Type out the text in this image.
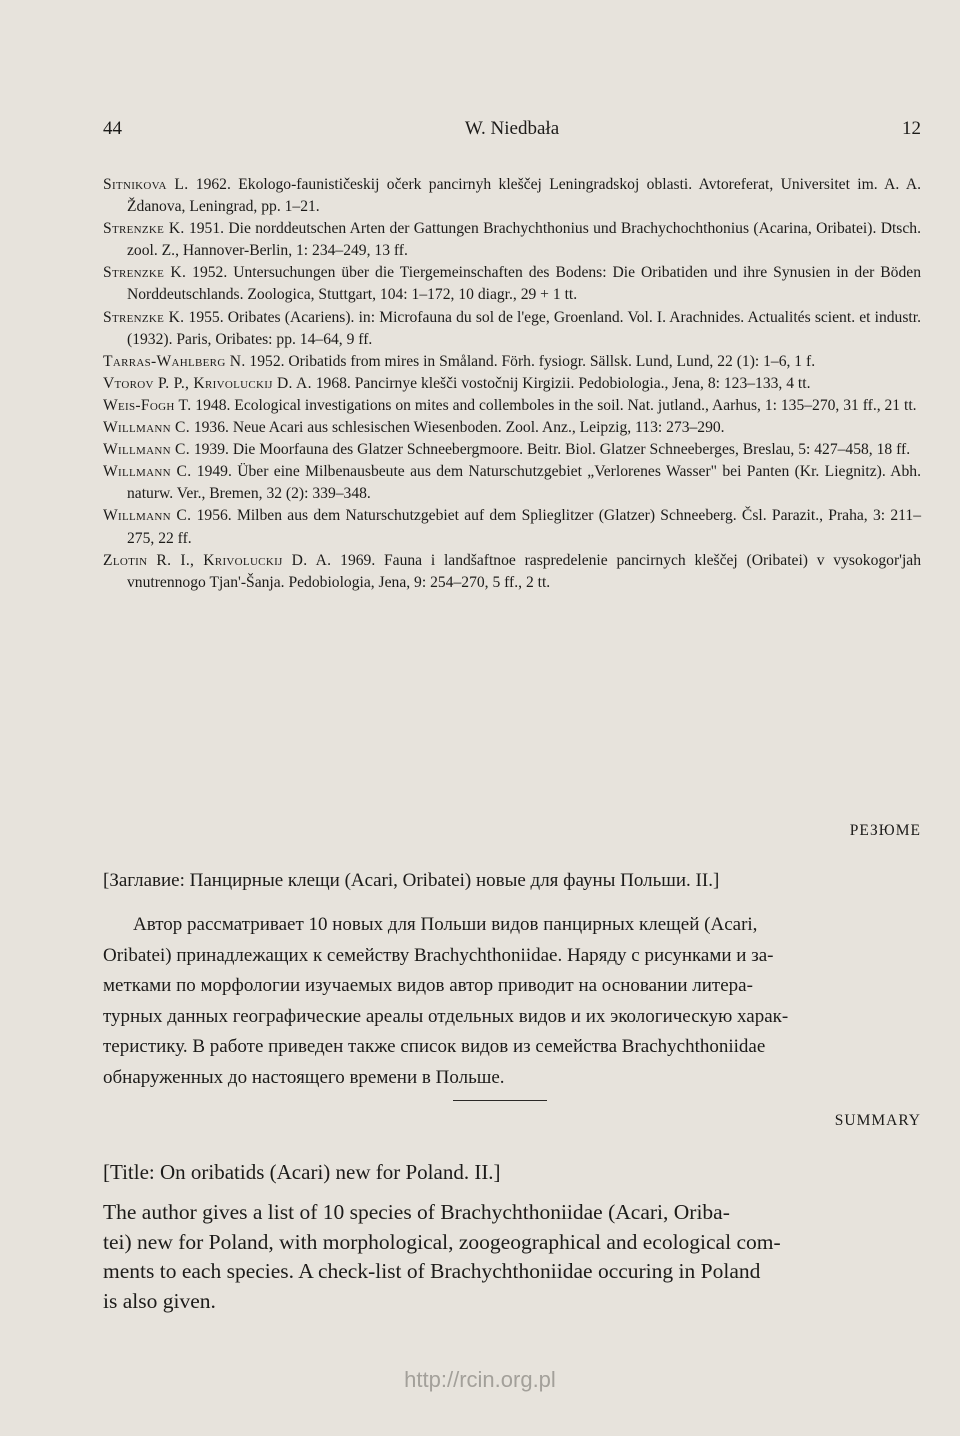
44	W. Niedbała	12
Sitnikova L. 1962. Ekologo-faunističeskij očerk pancirnyh kleščej Leningradskoj oblasti. Avtoreferat, Universitet im. A. A. Ždanova, Leningrad, pp. 1–21.
Strenzke K. 1951. Die norddeutschen Arten der Gattungen Brachychthonius und Brachychochthonius (Acarina, Oribatei). Dtsch. zool. Z., Hannover-Berlin, 1: 234–249, 13 ff.
Strenzke K. 1952. Untersuchungen über die Tiergemeinschaften des Bodens: Die Oribatiden und ihre Synusien in der Böden Norddeutschlands. Zoologica, Stuttgart, 104: 1–172, 10 diagr., 29 + 1 tt.
Strenzke K. 1955. Oribates (Acariens). in: Microfauna du sol de l'ege, Groenland. Vol. I. Arachnides. Actualités scient. et industr. (1932). Paris, Oribates: pp. 14–64, 9 ff.
Tarras-Wahlberg N. 1952. Oribatids from mires in Småland. Förh. fysiogr. Sällsk. Lund, Lund, 22 (1): 1–6, 1 f.
Vtorov P. P., Krivoluckij D. A. 1968. Pancirnye klešči vostočnij Kirgizii. Pedobiologia., Jena, 8: 123–133, 4 tt.
Weis-Fogh T. 1948. Ecological investigations on mites and collemboles in the soil. Nat. jutland., Aarhus, 1: 135–270, 31 ff., 21 tt.
Willmann C. 1936. Neue Acari aus schlesischen Wiesenboden. Zool. Anz., Leipzig, 113: 273–290.
Willmann C. 1939. Die Moorfauna des Glatzer Schneebergmoore. Beitr. Biol. Glatzer Schneeberges, Breslau, 5: 427–458, 18 ff.
Willmann C. 1949. Über eine Milbenausbeute aus dem Naturschutzgebiet „Verlorenes Wasser" bei Panten (Kr. Liegnitz). Abh. naturw. Ver., Bremen, 32 (2): 339–348.
Willmann C. 1956. Milben aus dem Naturschutzgebiet auf dem Splieglitzer (Glatzer) Schneeberg. Čsl. Parazit., Praha, 3: 211–275, 22 ff.
Zlotin R. I., Krivoluckij D. A. 1969. Fauna i landšaftnoe raspredelenie pancirnych kleščej (Oribatei) v vysokogor'jah vnutrennogo Tjan'-Šanja. Pedobiologia, Jena, 9: 254–270, 5 ff., 2 tt.
РЕЗЮМЕ
[Заглавие: Панцирные клещи (Acari, Oribatei) новые для фауны Польши. II.]
Автор рассматривает 10 новых для Польши видов панцирных клещей (Acari,
Oribatei) принадлежащих к семейству Brachychthoniidae. Наряду с рисунками и за-
метками по морфологии изучаемых видов автор приводит на основании литера-
турных данных географические ареалы отдельных видов и их экологическую харак-
теристику. В работе приведен также список видов из семейства Brachychthoniidae
обнаруженных до настоящего времени в Польше.
SUMMARY
[Title: On oribatids (Acari) new for Poland. II.]
The author gives a list of 10 species of Brachychthoniidae (Acari, Oriba-
tei) new for Poland, with morphological, zoogeographical and ecological com-
ments to each species. A check-list of Brachychthoniidae occuring in Poland
is also given.
http://rcin.org.pl
